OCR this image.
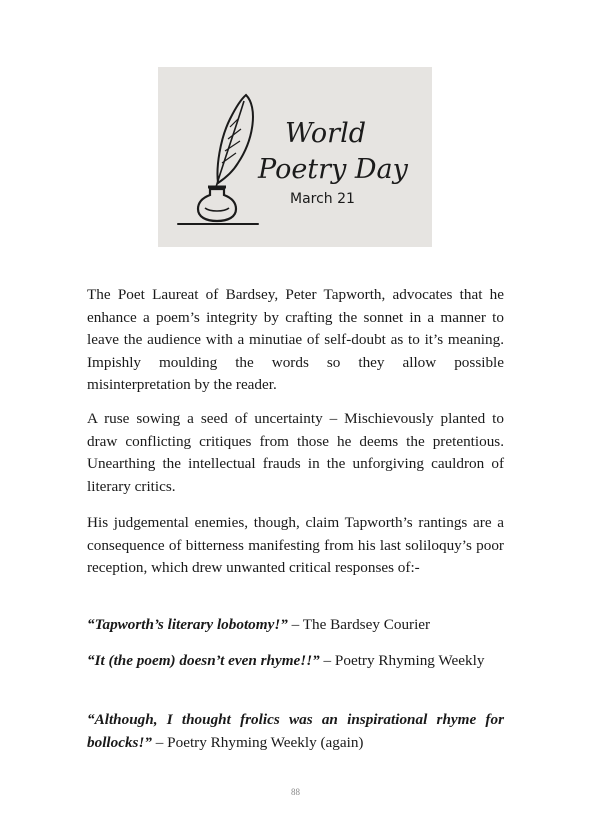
World
Poetry Day
March 21

The Poet Laureat of Bardsey, Peter Tapworth, advocates that he enhance a poem’s integrity by crafting the sonnet in a manner to leave the audience with a minutiae of self-doubt as to it’s meaning. Impishly moulding the words so they allow possible misinterpretation by the reader.

A ruse sowing a seed of uncertainty – Mischievously planted to draw conflicting critiques from those he deems the pretentious. Unearthing the intellectual frauds in the unforgiving cauldron of literary critics.

His judgemental enemies, though, claim Tapworth’s rantings are a consequence of bitterness manifesting from his last soliloquy’s poor reception, which drew unwanted critical responses of:-

“Tapworth’s literary lobotomy!” – The Bardsey Courier

“It (the poem) doesn’t even rhyme!!” – Poetry Rhyming Weekly

“Although, I thought frolics was an inspirational rhyme for bollocks!” – Poetry Rhyming Weekly (again)

88
